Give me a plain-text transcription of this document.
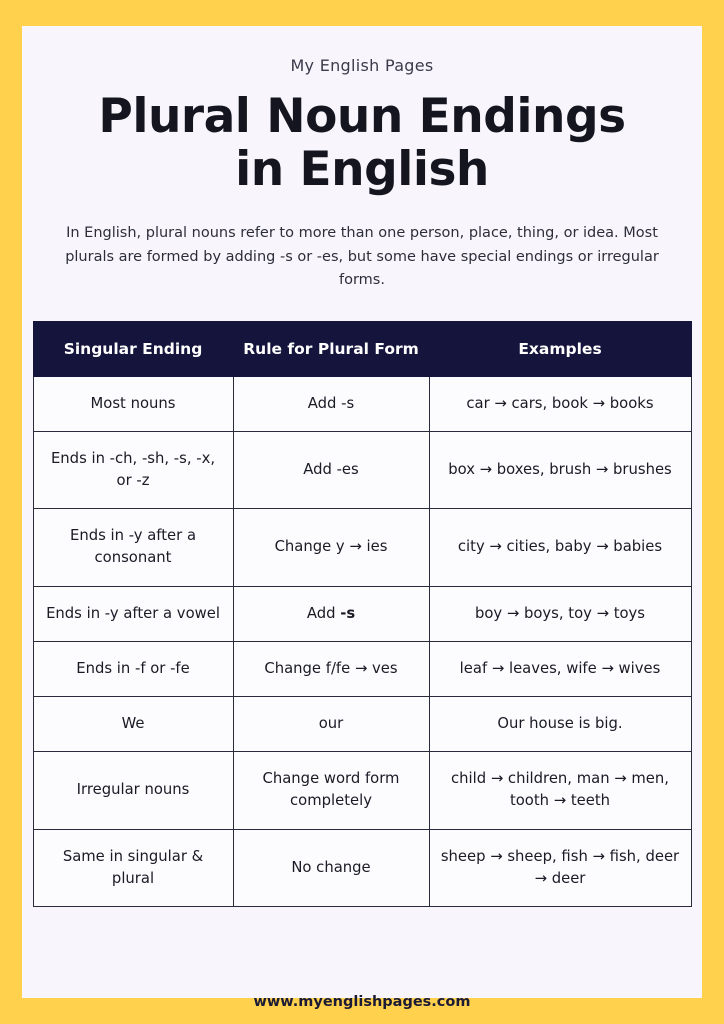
My English Pages
Plural Noun Endings
in English

In English, plural nouns refer to more than one person, place, thing, or idea. Most plurals are formed by adding -s or -es, but some have special endings or irregular forms.

Singular Ending	Rule for Plural Form	Examples
Most nouns	Add -s	car → cars, book → books
Ends in -ch, -sh, -s, -x, or -z	Add -es	box → boxes, brush → brushes
Ends in -y after a consonant	Change y → ies	city → cities, baby → babies
Ends in -y after a vowel	Add -s	boy → boys, toy → toys
Ends in -f or -fe	Change f/fe → ves	leaf → leaves, wife → wives
We	our	Our house is big.
Irregular nouns	Change word form completely	child → children, man → men, tooth → teeth
Same in singular & plural	No change	sheep → sheep, fish → fish, deer → deer
www.myenglishpages.com
